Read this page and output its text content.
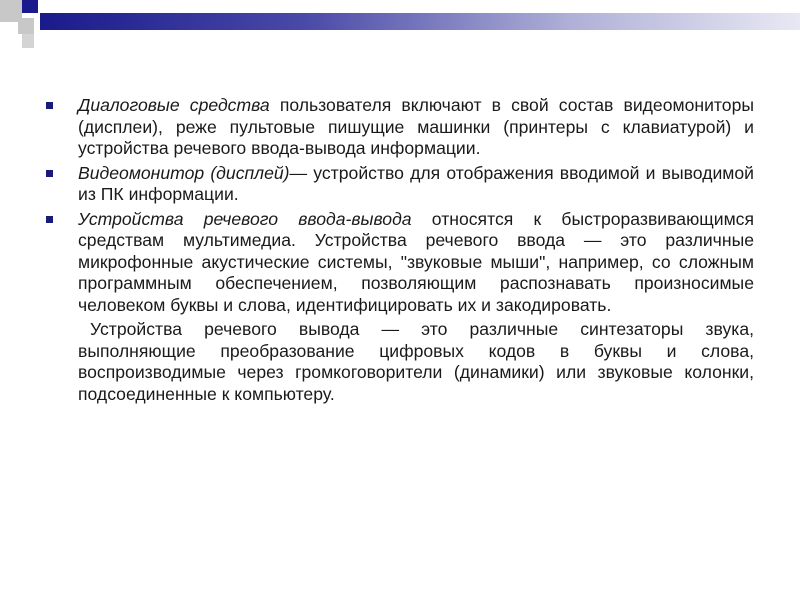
Диалоговые средства пользователя включают в свой состав видеомониторы (дисплеи), реже пультовые пишущие машинки (принтеры с клавиатурой) и устройства речевого ввода-вывода информации.
Видеомонитор (дисплей)— устройство для отображения вводимой и выводимой из ПК информации.
Устройства речевого ввода-вывода относятся к быстроразвивающимся средствам мультимедиа. Устройства речевого ввода — это различные микрофонные акустические системы, "звуковые мыши", например, со сложным программным обеспечением, позволяющим распознавать произносимые человеком буквы и слова, идентифицировать их и закодировать.
Устройства речевого вывода — это различные синтезаторы звука, выполняющие преобразование цифровых кодов в буквы и слова, воспроизводимые через громкоговорители (динамики) или звуковые колонки, подсоединенные к компьютеру.
